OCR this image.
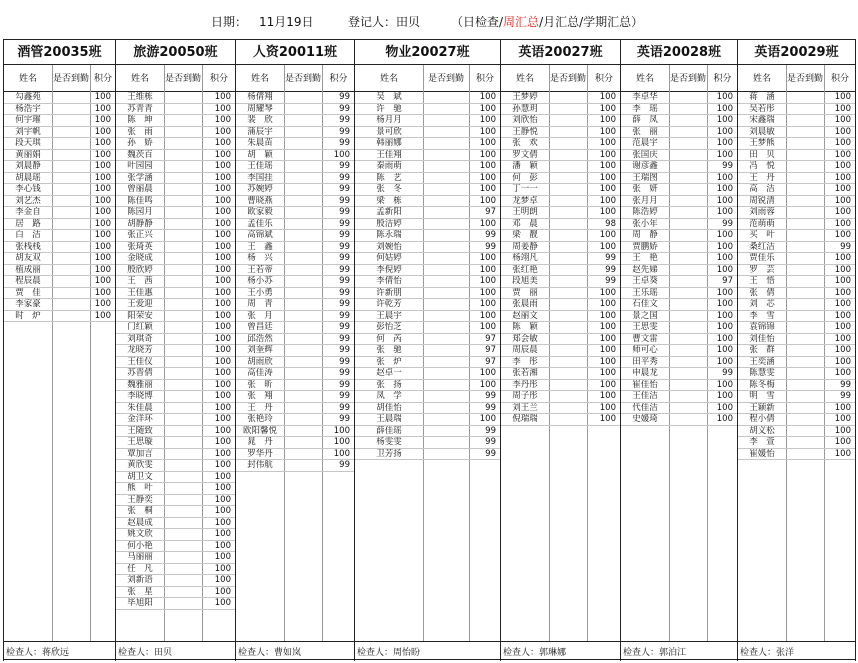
日期： 11月19日	登记人：田贝	（日检查/周汇总/月汇总/学期汇总）
酒管20035班
姓名	是否到勤 积分
勾鑫苑	100
杨浩宇	100
何宇璀	100
刘宇帆	100
段天琪	100
黄丽娟	100
刘晨静	100
胡晨瑶	100
李心钱	100
刘艺杰	100
李金自	100
居　路	100
白　洁	100
张栈栈	100
胡友双	100
植成丽	100
程辰晨	100
贾　佳	100
李家豪	100
时　炉	100
旅游20050班
姓名	是否到勤 积分
王维栋	100
苏青青	100
陈　坤	100
张　雨	100
孙　娇	100
魏茨百	100
叶园园	100
张学涵	100
曾丽晨	100
陈佳鸣	100
陈园月	100
胡静静	100
张正兴	100
张琦英	100
金晓成	100
殷欣婷	100
王　茜	100
王佳惠	100
王爱迎	100
阳荣安	100
门红颖	100
刘琪奇	100
龙晓芳	100
王佳仪	100
苏晋倩	100
魏雅丽	100
李晓博	100
朱佳晨	100
金洋环	100
王随致	100
王思璇	100
覃加言	100
黄欣雯	100
胡卫文	100
熊　叶	100
王静奕	100
张　桐	100
赵晨成	100
姚文欣	100
何小艳	100
马丽丽	100
任　凡	100
刘新语	100
张　星	100
毕旭阳	100
人资20011班
姓名	是否到勤 积分
杨倩翔	99
周耀琴	99
裴　欣	99
蒲辰宇	99
朱晨苗	99
胡　颖	100
王佳瑶	99
李国挂	99
苏婉婷	99
曹晓燕	99
欧家毅	99
孟佳乐	99
高锦斌	99
王　鑫	99
杨　兴	99
王若蒂	99
杨小苏	99
王小勇	99
周　青	99
张　月	99
曾昌廷	99
邱浩然	99
刘奎辉	99
胡雨欣	99
高佳涛	99
张　昕	99
张　翔	99
王　丹	99
张艳玲	99
欧阳馨悦	100
晁　丹	100
罗华丹	100
封伟航	99
物业20027班
姓名	是否到勤	积分
吴　斌	100
许　驰	100
杨月月	100
景可欣	100
韩丽娜	100
王佳翔	100
秦雨萌	100
陈　艺	100
张　冬	100
梁　栋	100
孟新阳	97
殷洁婷	100
陈永瑞	99
刘婉怡	99
何姑婷	100
李倪婷	100
李倩怡	100
许新朋	100
许乾芳	100
王晨宇	100
彭怡芝	100
何　芮	97
张　驰	97
张　炉	97
赵卓一	100
张　扬	100
凤　学	99
胡佳怡	99
王晨瑞	100
薛佳瑶	99
杨雯雯	99
卫芳扬	99
英语20027班
姓名	是否到勤 积分
王梦婷	100
孙慧玥	100
刘欣怡	100
王静悦	100
张　欢	100
罗文倩	100
潘　颖	100
何　彭	100
丁一一	100
龙梦卓	100
王明朗	100
邓　晨	98
梁　靓	100
周姜静	100
杨翊凡	99
张红艳	99
段旭美	99
贾　丽	100
张晨雨	100
赵丽文	100
陈　颖	100
郑会敏	100
周辰晨	100
李　彤	100
张若湘	100
李丹彤	100
周子彤	100
刘王兰	100
倪瑞瑞	100
英语20028班
姓名	是否到勤 积分
李卓华	100
李　瑶	100
薛　凤	100
张　丽	100
范晨宇	100
张国庆	100
谢彦鑫	99
王瑞图	100
张　妍	100
张月月	100
陈浩婷	100
张小年	99
周　静	100
贾鹏娇	100
王　艳	100
赵先娣	100
王卓葵	97
王乐瑶	100
石佳文	100
景之国	100
王思雯	100
曹文雷	100
师可心	100
田平秀	100
申晨龙	99
崔佳怡	100
王佳洁	100
代佳洁	100
史媛琦	100
英语20029班
姓名	是否到勤 积分
蒋　涵	100
吴若彤	100
宋鑫瑞	100
刘晨敏	100
王梦熊	100
田　贝	100
冯　悦	100
王　丹	100
高　洁	100
周锐清	100
刘雨蓉	100
范萌萌	100
买　叶	100
桑红洁	99
贾佳乐	100
罗　芸	100
王　悟	100
张　倩	100
刘　芯	100
李　雪	100
袁锦锦	100
刘佳怡	100
张　群	100
王奕涵	100
陈慧雯	100
陈冬梅	99
明　雪	99
王颖新	100
程小倩	100
胡义松	100
李　萱	100
崔媛怡	100
检查人：蒋欣远	检查人：田贝	检查人：曹如岚	检查人：周怡盼	检查人：郭琳娜	检查人：郭泊江	检查人：张洋
